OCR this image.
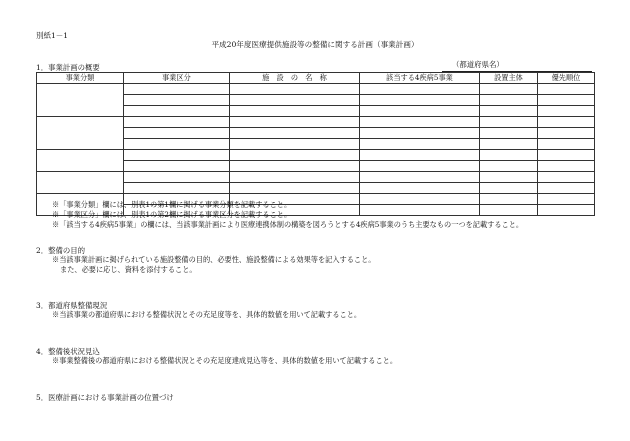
別紙1－1
平成20年度医療提供施設等の整備に関する計画（事業計画）
（都道府県名）
1．事業計画の概要
事業分類	事業区分	施　設　の　名　称	該当する4疾病5事業	設置主体	優先順位

※「事業分類」欄には、別表1の第1欄に掲げる事業分類を記載すること。
※「事業区分」欄には、別表1の第2欄に掲げる事業区分を記載すること。
※「該当する4疾病5事業」の欄には、当該事業計画により医療連携体制の構築を図ろうとする4疾病5事業のうち主要なもの一つを記載すること。
2．整備の目的
※当該事業計画に掲げられている施設整備の目的、必要性、施設整備による効果等を記入すること。
また、必要に応じ、資料を添付すること。
3．都道府県整備現況
※当該事業の都道府県における整備状況とその充足度等を、具体的数値を用いて記載すること。
4．整備後状況見込
※事業整備後の都道府県における整備状況とその充足度達成見込等を、具体的数値を用いて記載すること。
5．医療計画における事業計画の位置づけ
